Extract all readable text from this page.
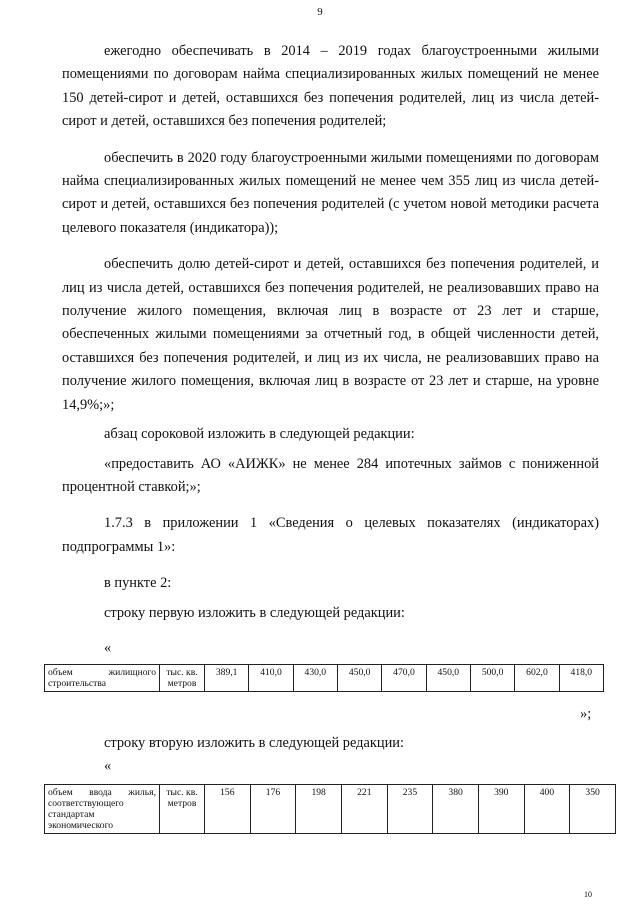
9

ежегодно обеспечивать в 2014 – 2019 годах благоустроенными жилыми помещениями по договорам найма специализированных жилых помещений не менее 150 детей-сирот и детей, оставшихся без попечения родителей, лиц из числа детей-сирот и детей, оставшихся без попечения родителей;

обеспечить в 2020 году благоустроенными жилыми помещениями по договорам найма специализированных жилых помещений не менее чем 355 лиц из числа детей-сирот и детей, оставшихся без попечения родителей (с учетом новой методики расчета целевого показателя (индикатора));

обеспечить долю детей-сирот и детей, оставшихся без попечения родителей, и лиц из числа детей, оставшихся без попечения родителей, не реализовавших право на получение жилого помещения, включая лиц в возрасте от 23 лет и старше, обеспеченных жилыми помещениями за отчетный год, в общей численности детей, оставшихся без попечения родителей, и лиц из их числа, не реализовавших право на получение жилого помещения, включая лиц в возрасте от 23 лет и старше, на уровне 14,9%;»;

абзац сороковой изложить в следующей редакции:

«предоставить АО «АИЖК» не менее 284 ипотечных займов с пониженной процентной ставкой;»;

1.7.3 в приложении 1 «Сведения о целевых показателях (индикаторах) подпрограммы 1»:

в пункте 2:

строку первую изложить в следующей редакции:

«
объем жилищного строительства	тыс. кв. метров	389,1	410,0	430,0	450,0	470,0	450,0	500,0	602,0	418,0
»;

строку вторую изложить в следующей редакции:

«
объем ввода жилья, соответствующего стандартам экономического	тыс. кв. метров	156	176	198	221	235	380	390	400	350
10
